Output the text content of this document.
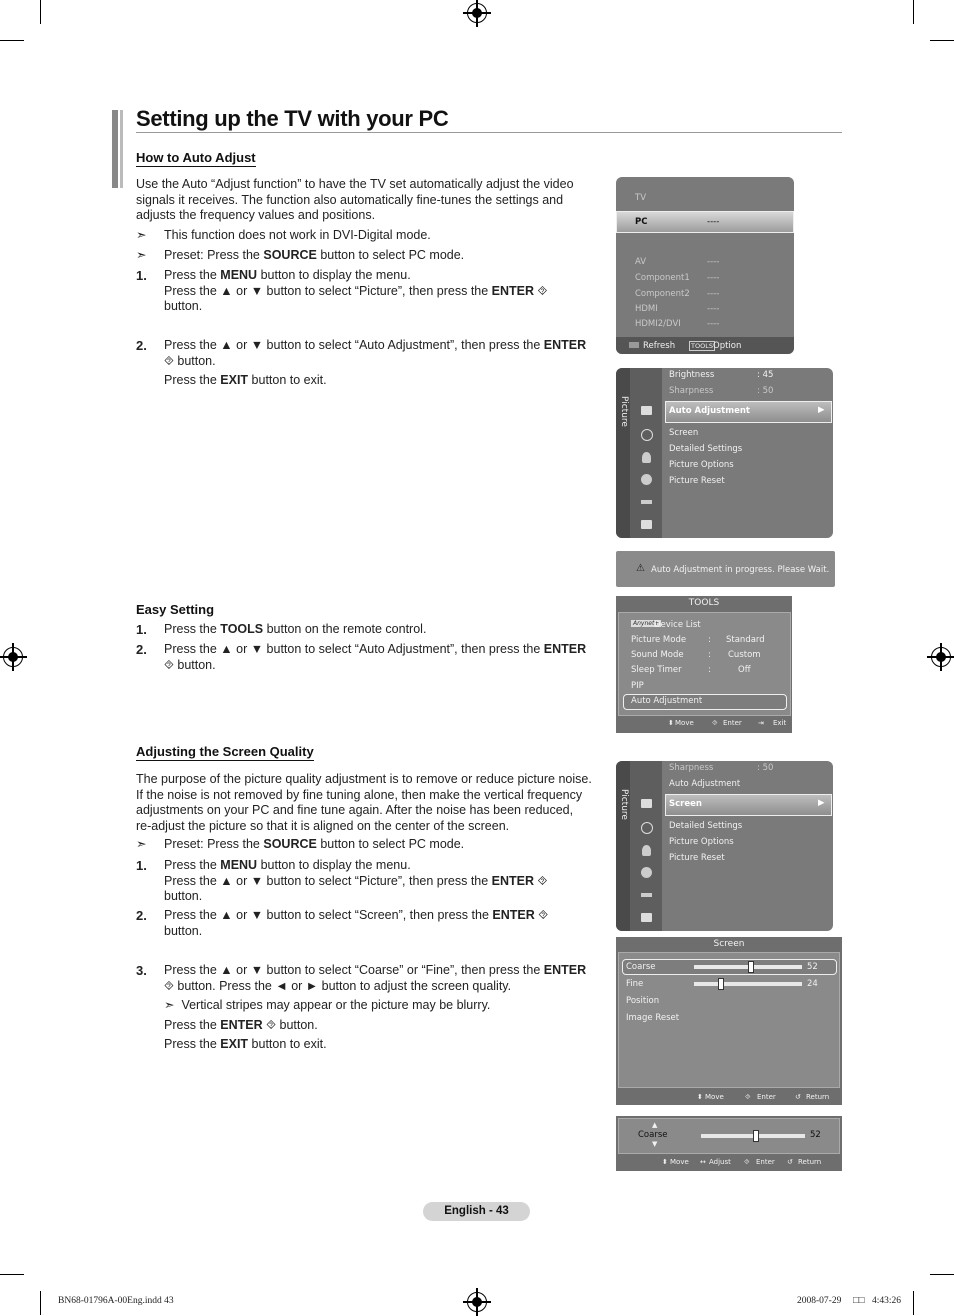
Setting up the TV with your PC
How to Auto Adjust
Use the Auto “Adjust function” to have the TV set automatically adjust the video
signals it receives. The function also automatically fine-tunes the settings and
adjusts the frequency values and positions.
➣ This function does not work in DVI-Digital mode.
➣ Preset: Press the SOURCE button to select PC mode.
1. Press the MENU button to display the menu.
Press the ▲ or ▼ button to select “Picture”, then press the ENTER ⯑
button.
2. Press the ▲ or ▼ button to select “Auto Adjustment”, then press the ENTER
⯑ button.
Press the EXIT button to exit.
Easy Setting
1. Press the TOOLS button on the remote control.
2. Press the ▲ or ▼ button to select “Auto Adjustment”, then press the ENTER
⯑ button.
Adjusting the Screen Quality
The purpose of the picture quality adjustment is to remove or reduce picture noise.
If the noise is not removed by fine tuning alone, then make the vertical frequency
adjustments on your PC and fine tune again. After the noise has been reduced,
re-adjust the picture so that it is aligned on the center of the screen.
➣ Preset: Press the SOURCE button to select PC mode.
1. Press the MENU button to display the menu.
Press the ▲ or ▼ button to select “Picture”, then press the ENTER ⯑
button.
2. Press the ▲ or ▼ button to select “Screen”, then press the ENTER ⯑
button.
3. Press the ▲ or ▼ button to select “Coarse” or “Fine”, then press the ENTER
⯑ button. Press the ◄ or ► button to adjust the screen quality.
➣ Vertical stripes may appear or the picture may be blurry.
Press the ENTER ⯑ button.
Press the EXIT button to exit.
TV
PC	----
AV	----
Component1 ----
Component2 ----
HDMI	----
HDMI2/DVI	----
Refresh	TOOLS Option
Picture
Brightness	: 45
Sharpness	: 50
Auto Adjustment	▶
Screen
Detailed Settings
Picture Options
Picture Reset
⚠ Auto Adjustment in progress. Please Wait.
TOOLS
Anynet+
Device List
Picture Mode	: Standard
Sound Mode	: Custom
Sleep Timer	:	Off
PIP
Auto Adjustment
⬍ Move	⯑ Enter ⇥ Exit
Picture
Sharpness	: 50
Auto Adjustment
Screen	▶
Detailed Settings
Picture Options
Picture Reset
Screen
Coarse	52
Fine	24
Position
Image Reset
⬍ Move	⯑ Enter	↺ Return
▲
Coarse
▼
52
⬍ Move ↔ Adjust ⯑ Enter ↺ Return
English - 43
BN68-01796A-00Eng.indd 43	2008-07-29 □□ 4:43:26
